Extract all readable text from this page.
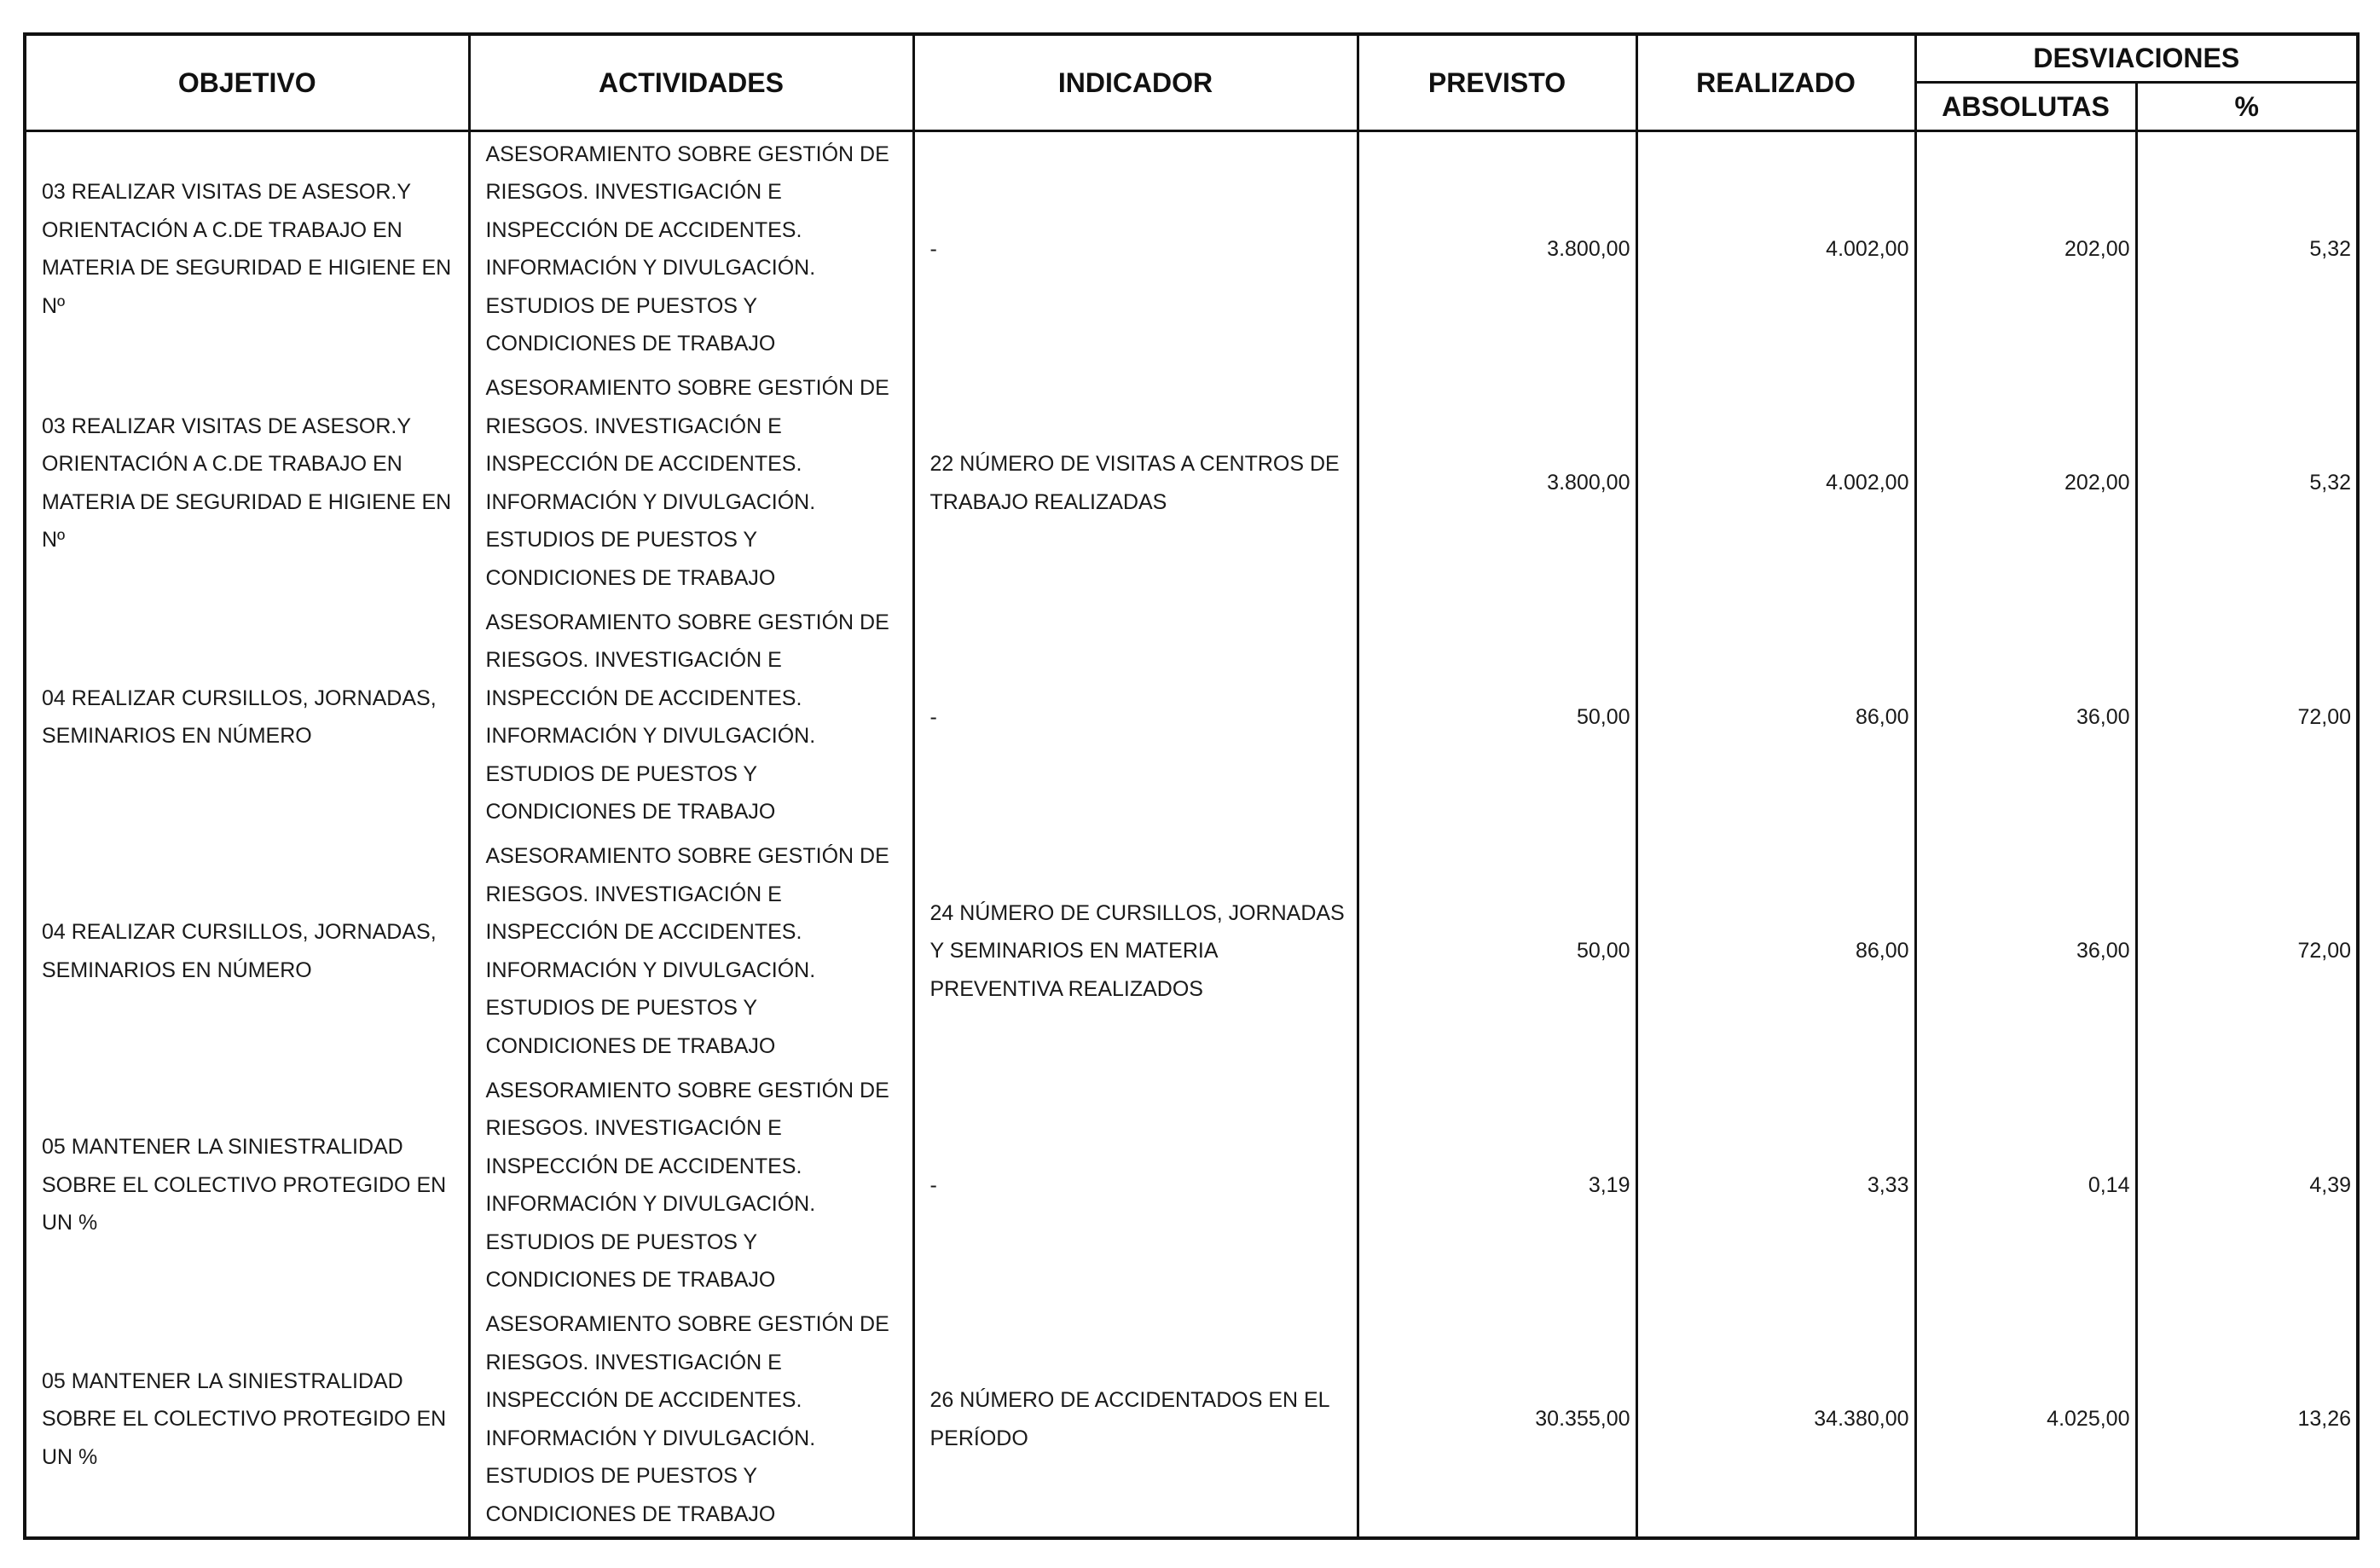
OBJETIVO	ACTIVIDADES	INDICADOR	PREVISTO	REALIZADO	DESVIACIONES	
					ABSOLUTAS	%

03 REALIZAR VISITAS DE ASESOR.Y ORIENTACIÓN A C.DE TRABAJO EN MATERIA DE SEGURIDAD E HIGIENE EN Nº	ASESORAMIENTO SOBRE GESTIÓN DE RIESGOS. INVESTIGACIÓN E INSPECCIÓN DE ACCIDENTES. INFORMACIÓN Y DIVULGACIÓN. ESTUDIOS DE PUESTOS Y CONDICIONES DE TRABAJO	-	3.800,00	4.002,00	202,00	5,32

03 REALIZAR VISITAS DE ASESOR.Y ORIENTACIÓN A C.DE TRABAJO EN MATERIA DE SEGURIDAD E HIGIENE EN Nº	ASESORAMIENTO SOBRE GESTIÓN DE RIESGOS. INVESTIGACIÓN E INSPECCIÓN DE ACCIDENTES. INFORMACIÓN Y DIVULGACIÓN. ESTUDIOS DE PUESTOS Y CONDICIONES DE TRABAJO	22 NÚMERO DE VISITAS A CENTROS DE TRABAJO REALIZADAS	3.800,00	4.002,00	202,00	5,32

04 REALIZAR CURSILLOS, JORNADAS, SEMINARIOS EN NÚMERO	ASESORAMIENTO SOBRE GESTIÓN DE RIESGOS. INVESTIGACIÓN E INSPECCIÓN DE ACCIDENTES. INFORMACIÓN Y DIVULGACIÓN. ESTUDIOS DE PUESTOS Y CONDICIONES DE TRABAJO	-	50,00	86,00	36,00	72,00

04 REALIZAR CURSILLOS, JORNADAS, SEMINARIOS EN NÚMERO	ASESORAMIENTO SOBRE GESTIÓN DE RIESGOS. INVESTIGACIÓN E INSPECCIÓN DE ACCIDENTES. INFORMACIÓN Y DIVULGACIÓN. ESTUDIOS DE PUESTOS Y CONDICIONES DE TRABAJO	24 NÚMERO DE CURSILLOS, JORNADAS Y SEMINARIOS EN MATERIA PREVENTIVA REALIZADOS	50,00	86,00	36,00	72,00

05 MANTENER LA SINIESTRALIDAD SOBRE EL COLECTIVO PROTEGIDO EN UN %	ASESORAMIENTO SOBRE GESTIÓN DE RIESGOS. INVESTIGACIÓN E INSPECCIÓN DE ACCIDENTES. INFORMACIÓN Y DIVULGACIÓN. ESTUDIOS DE PUESTOS Y CONDICIONES DE TRABAJO	-	3,19	3,33	0,14	4,39

05 MANTENER LA SINIESTRALIDAD SOBRE EL COLECTIVO PROTEGIDO EN UN %	ASESORAMIENTO SOBRE GESTIÓN DE RIESGOS. INVESTIGACIÓN E INSPECCIÓN DE ACCIDENTES. INFORMACIÓN Y DIVULGACIÓN. ESTUDIOS DE PUESTOS Y CONDICIONES DE TRABAJO	26 NÚMERO DE ACCIDENTADOS EN EL PERÍODO	30.355,00	34.380,00	4.025,00	13,26
